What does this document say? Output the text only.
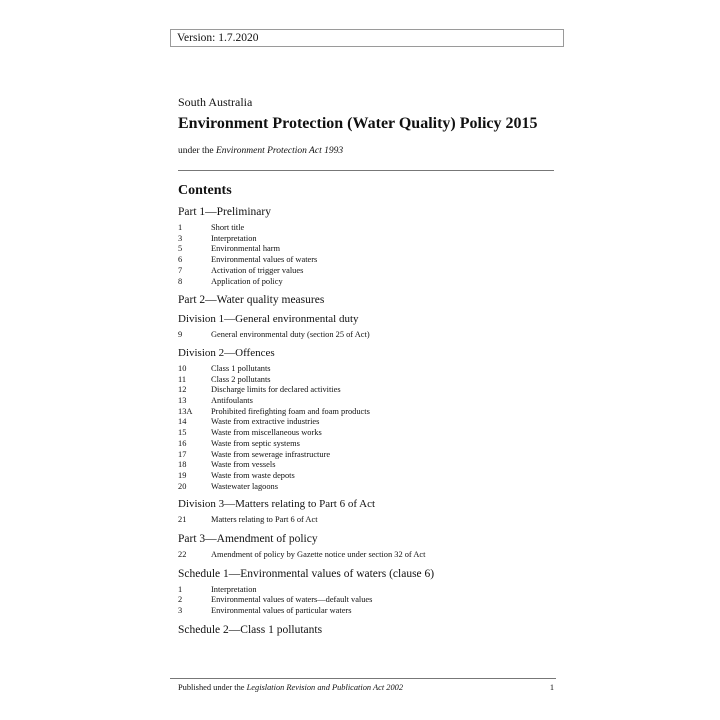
Version: 1.7.2020

South Australia

Environment Protection (Water Quality) Policy 2015

under the Environment Protection Act 1993

Contents

Part 1—Preliminary

1	Short title
3	Interpretation
5	Environmental harm
6	Environmental values of waters
7	Activation of trigger values
8	Application of policy

Part 2—Water quality measures

Division 1—General environmental duty

9	General environmental duty (section 25 of Act)

Division 2—Offences

10	Class 1 pollutants
11	Class 2 pollutants
12	Discharge limits for declared activities
13	Antifoulants
13A	Prohibited firefighting foam and foam products
14	Waste from extractive industries
15	Waste from miscellaneous works
16	Waste from septic systems
17	Waste from sewerage infrastructure
18	Waste from vessels
19	Waste from waste depots
20	Wastewater lagoons

Division 3—Matters relating to Part 6 of Act

21	Matters relating to Part 6 of Act

Part 3—Amendment of policy

22	Amendment of policy by Gazette notice under section 32 of Act

Schedule 1—Environmental values of waters (clause 6)

1	Interpretation
2	Environmental values of waters—default values
3	Environmental values of particular waters

Schedule 2—Class 1 pollutants

Published under the Legislation Revision and Publication Act 2002	1
